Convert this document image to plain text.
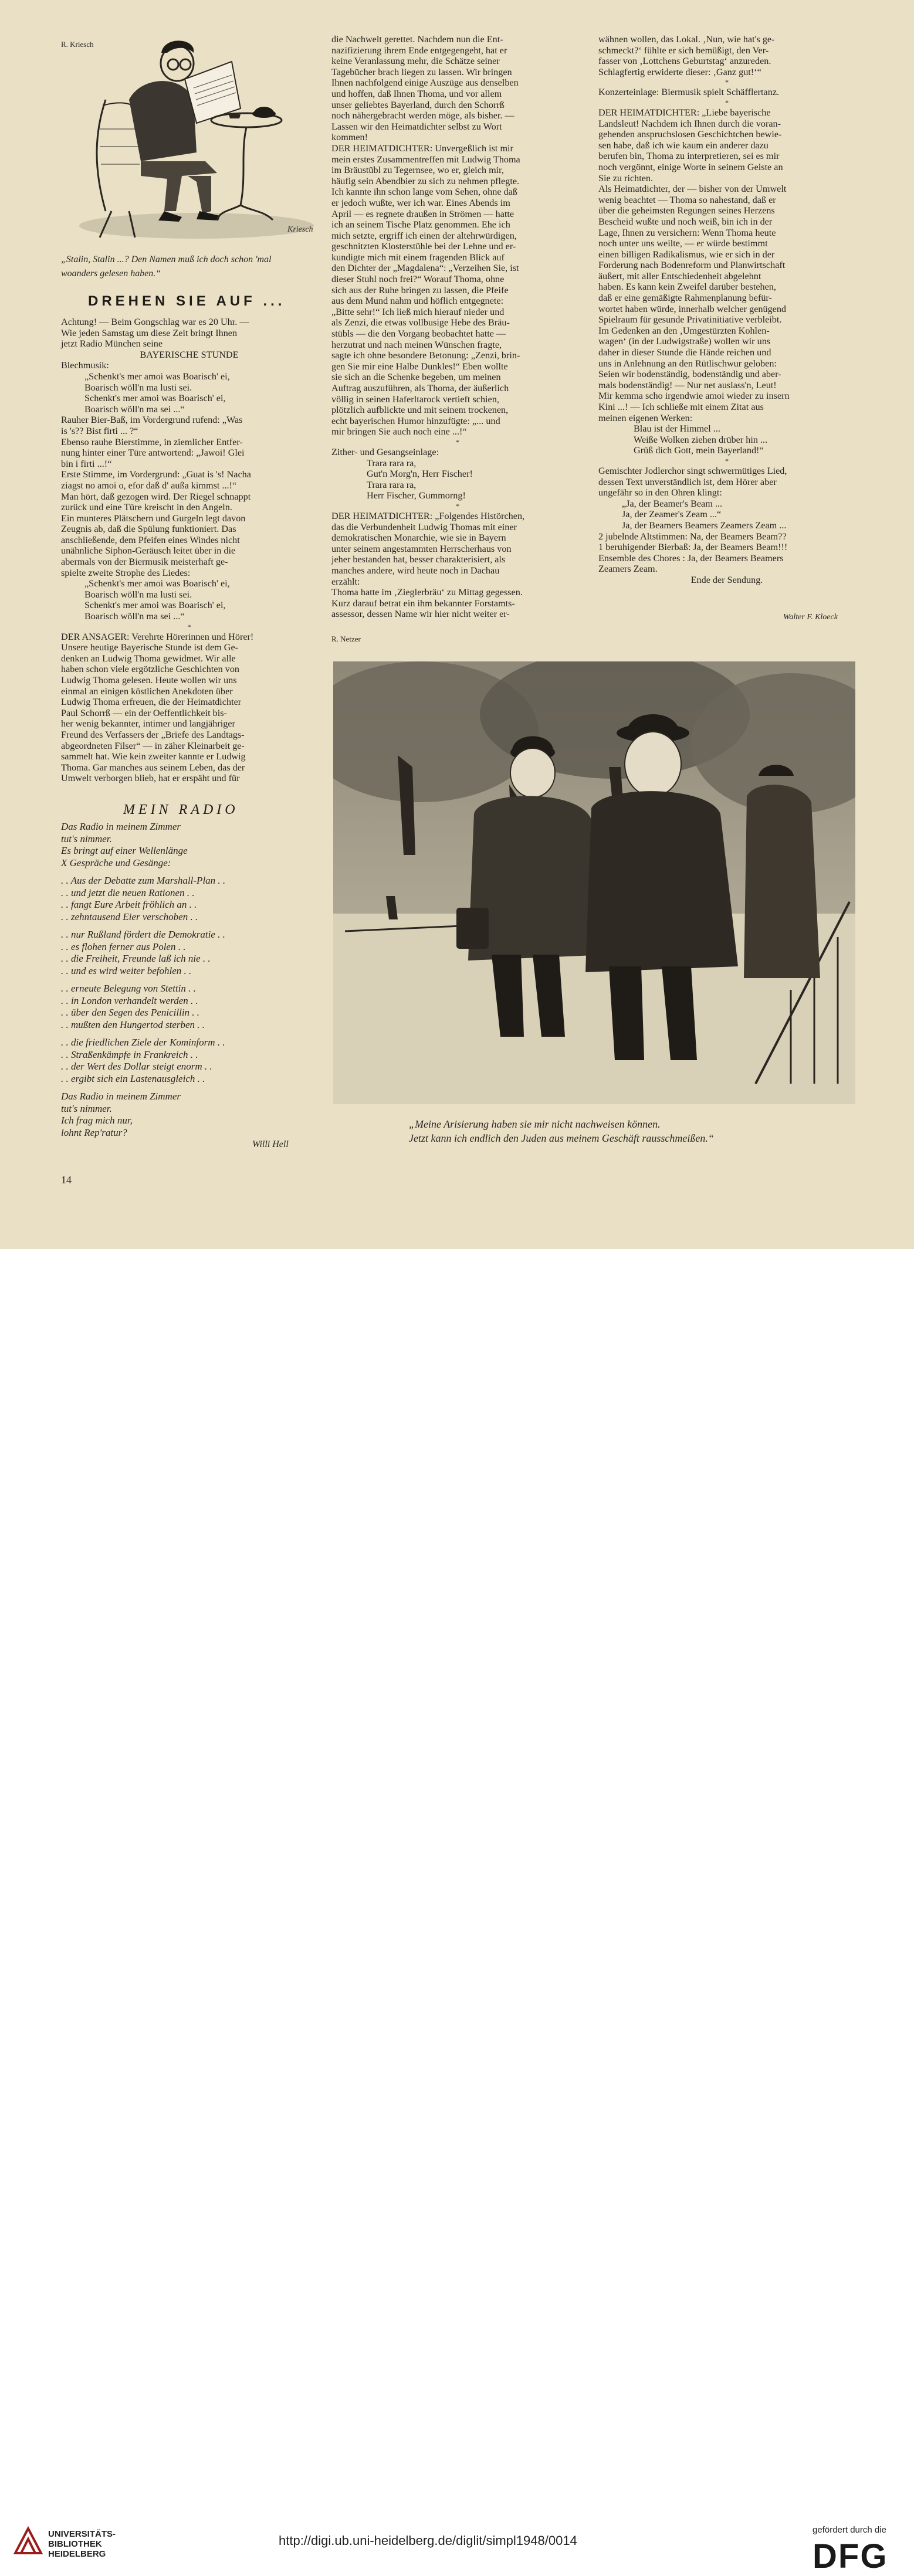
R. Kriesch
Kriesch
„Stalin, Stalin ...? Den Namen muß ich doch schon 'mal
woanders gelesen haben.“
DREHEN SIE AUF ...
Achtung! — Beim Gongschlag war es 20 Uhr. —
Wie jeden Samstag um diese Zeit bringt Ihnen
jetzt Radio München seine
BAYERISCHE STUNDE
Blechmusik:
„Schenkt's mer amoi was Boarisch' ei,
Boarisch wöll'n ma lusti sei.
Schenkt's mer amoi was Boarisch' ei,
Boarisch wöll'n ma sei ...“
Rauher Bier-Baß, im Vordergrund rufend: „Was
is 's?? Bist firti ... ?“
Ebenso rauhe Bierstimme, in ziemlicher Entfer-
nung hinter einer Türe antwortend: „Jawoi! Glei
bin i firti ...!“
Erste Stimme, im Vordergrund: „Guat is 's! Nacha
ziagst no amoi o, efor daß d' außa kimmst ...!“
Man hört, daß gezogen wird. Der Riegel schnappt
zurück und eine Türe kreischt in den Angeln.
Ein munteres Plätschern und Gurgeln legt davon
Zeugnis ab, daß die Spülung funktioniert. Das
anschließende, dem Pfeifen eines Windes nicht
unähnliche Siphon-Geräusch leitet über in die
abermals von der Biermusik meisterhaft ge-
spielte zweite Strophe des Liedes:
„Schenkt's mer amoi was Boarisch' ei,
Boarisch wöll'n ma lusti sei.
Schenkt's mer amoi was Boarisch' ei,
Boarisch wöll'n ma sei ...“
*
DER ANSAGER: Verehrte Hörerinnen und Hörer!
Unsere heutige Bayerische Stunde ist dem Ge-
denken an Ludwig Thoma gewidmet. Wir alle
haben schon viele ergötzliche Geschichten von
Ludwig Thoma gelesen. Heute wollen wir uns
einmal an einigen köstlichen Anekdoten über
Ludwig Thoma erfreuen, die der Heimatdichter
Paul Schorrß — ein der Oeffentlichkeit bis-
her wenig bekannter, intimer und langjähriger
Freund des Verfassers der „Briefe des Landtags-
abgeordneten Filser“ — in zäher Kleinarbeit ge-
sammelt hat. Wie kein zweiter kannte er Ludwig
Thoma. Gar manches aus seinem Leben, das der
Umwelt verborgen blieb, hat er erspäht und für
MEIN RADIO
Das Radio in meinem Zimmer
tut's nimmer.
Es bringt auf einer Wellenlänge
X Gespräche und Gesänge:
. . Aus der Debatte zum Marshall-Plan . .
. . und jetzt die neuen Rationen . .
. . fangt Eure Arbeit fröhlich an . .
. . zehntausend Eier verschoben . .
. . nur Rußland fördert die Demokratie . .
. . es flohen ferner aus Polen . .
. . die Freiheit, Freunde laß ich nie . .
. . und es wird weiter befohlen . .
. . erneute Belegung von Stettin . .
. . in London verhandelt werden . .
. . über den Segen des Penicillin . .
. . mußten den Hungertod sterben . .
. . die friedlichen Ziele der Kominform . .
. . Straßenkämpfe in Frankreich . .
. . der Wert des Dollar steigt enorm . .
. . ergibt sich ein Lastenausgleich . .
Das Radio in meinem Zimmer
tut's nimmer.
Ich frag mich nur,
lohnt Rep'ratur?
Willi Hell
14
die Nachwelt gerettet. Nachdem nun die Ent-
nazifizierung ihrem Ende entgegengeht, hat er
keine Veranlassung mehr, die Schätze seiner
Tagebücher brach liegen zu lassen. Wir bringen
Ihnen nachfolgend einige Auszüge aus denselben
und hoffen, daß Ihnen Thoma, und vor allem
unser geliebtes Bayerland, durch den Schorrß
noch nähergebracht werden möge, als bisher. —
Lassen wir den Heimatdichter selbst zu Wort
kommen!
DER HEIMATDICHTER: Unvergeßlich ist mir
mein erstes Zusammentreffen mit Ludwig Thoma
im Bräustübl zu Tegernsee, wo er, gleich mir,
häufig sein Abendbier zu sich zu nehmen pflegte.
Ich kannte ihn schon lange vom Sehen, ohne daß
er jedoch wußte, wer ich war. Eines Abends im
April — es regnete draußen in Strömen — hatte
ich an seinem Tische Platz genommen. Ehe ich
mich setzte, ergriff ich einen der altehrwürdigen,
geschnitzten Klosterstühle bei der Lehne und er-
kundigte mich mit einem fragenden Blick auf
den Dichter der „Magdalena“: „Verzeihen Sie, ist
dieser Stuhl noch frei?“ Worauf Thoma, ohne
sich aus der Ruhe bringen zu lassen, die Pfeife
aus dem Mund nahm und höflich entgegnete:
„Bitte sehr!“ Ich ließ mich hierauf nieder und
als Zenzi, die etwas vollbusige Hebe des Bräu-
stübls — die den Vorgang beobachtet hatte —
herzutrat und nach meinen Wünschen fragte,
sagte ich ohne besondere Betonung: „Zenzi, brin-
gen Sie mir eine Halbe Dunkles!“ Eben wollte
sie sich an die Schenke begeben, um meinen
Auftrag auszuführen, als Thoma, der äußerlich
völlig in seinen Haferltarock vertieft schien,
plötzlich aufblickte und mit seinem trockenen,
echt bayerischen Humor hinzufügte: „... und
mir bringen Sie auch noch eine ...!“
*
Zither- und Gesangseinlage:
Trara rara ra,
Gut'n Morg'n, Herr Fischer!
Trara rara ra,
Herr Fischer, Gummorng!
*
DER HEIMATDICHTER: „Folgendes Histörchen,
das die Verbundenheit Ludwig Thomas mit einer
demokratischen Monarchie, wie sie in Bayern
unter seinem angestammten Herrscherhaus von
jeher bestanden hat, besser charakterisiert, als
manches andere, wird heute noch in Dachau
erzählt:
Thoma hatte im ‚Zieglerbräu‘ zu Mittag gegessen.
Kurz darauf betrat ein ihm bekannter Forstamts-
assessor, dessen Name wir hier nicht weiter er-
R. Netzer
wähnen wollen, das Lokal. ‚Nun, wie hat's ge-
schmeckt?‘ fühlte er sich bemüßigt, den Ver-
fasser von ‚Lottchens Geburtstag‘ anzureden.
Schlagfertig erwiderte dieser: ‚Ganz gut!‘“
*
Konzerteinlage: Biermusik spielt Schäfflertanz.
*
DER HEIMATDICHTER: „Liebe bayerische
Landsleut! Nachdem ich Ihnen durch die voran-
gehenden anspruchslosen Geschichtchen bewie-
sen habe, daß ich wie kaum ein anderer dazu
berufen bin, Thoma zu interpretieren, sei es mir
noch vergönnt, einige Worte in seinem Geiste an
Sie zu richten.
Als Heimatdichter, der — bisher von der Umwelt
wenig beachtet — Thoma so nahestand, daß er
über die geheimsten Regungen seines Herzens
Bescheid wußte und noch weiß, bin ich in der
Lage, Ihnen zu versichern: Wenn Thoma heute
noch unter uns weilte, — er würde bestimmt
einen billigen Radikalismus, wie er sich in der
Forderung nach Bodenreform und Planwirtschaft
äußert, mit aller Entschiedenheit abgelehnt
haben. Es kann kein Zweifel darüber bestehen,
daß er eine gemäßigte Rahmenplanung befür-
wortet haben würde, innerhalb welcher genügend
Spielraum für gesunde Privatinitiative verbleibt.
Im Gedenken an den ‚Umgestürzten Kohlen-
wagen‘ (in der Ludwigstraße) wollen wir uns
daher in dieser Stunde die Hände reichen und
uns in Anlehnung an den Rütlischwur geloben:
Seien wir bodenständig, bodenständig und aber-
mals bodenständig! — Nur net auslass'n, Leut!
Mir kemma scho irgendwie amoi wieder zu insern
Kini ...! — Ich schließe mit einem Zitat aus
meinen eigenen Werken:
Blau ist der Himmel ...
Weiße Wolken ziehen drüber hin ...
Grüß dich Gott, mein Bayerland!“
*
Gemischter Jodlerchor singt schwermütiges Lied,
dessen Text unverständlich ist, dem Hörer aber
ungefähr so in den Ohren klingt:
„Ja, der Beamer's Beam ...
Ja, der Zeamer's Zeam ...“
Ja, der Beamers Beamers Zeamers Zeam ...
2 jubelnde Altstimmen: Na, der Beamers Beam??
1 beruhigender Bierbaß: Ja, der Beamers Beam!!!
Ensemble des Chores : Ja, der Beamers Beamers
Zeamers Zeam.
Ende der Sendung.
Walter F. Kloeck
„Meine Arisierung haben sie mir nicht nachweisen können.
Jetzt kann ich endlich den Juden aus meinem Geschäft rausschmeißen.“
UNIVERSITÄTS-
BIBLIOTHEK
HEIDELBERG
http://digi.ub.uni-heidelberg.de/diglit/simpl1948/0014
gefördert durch die
DFG
